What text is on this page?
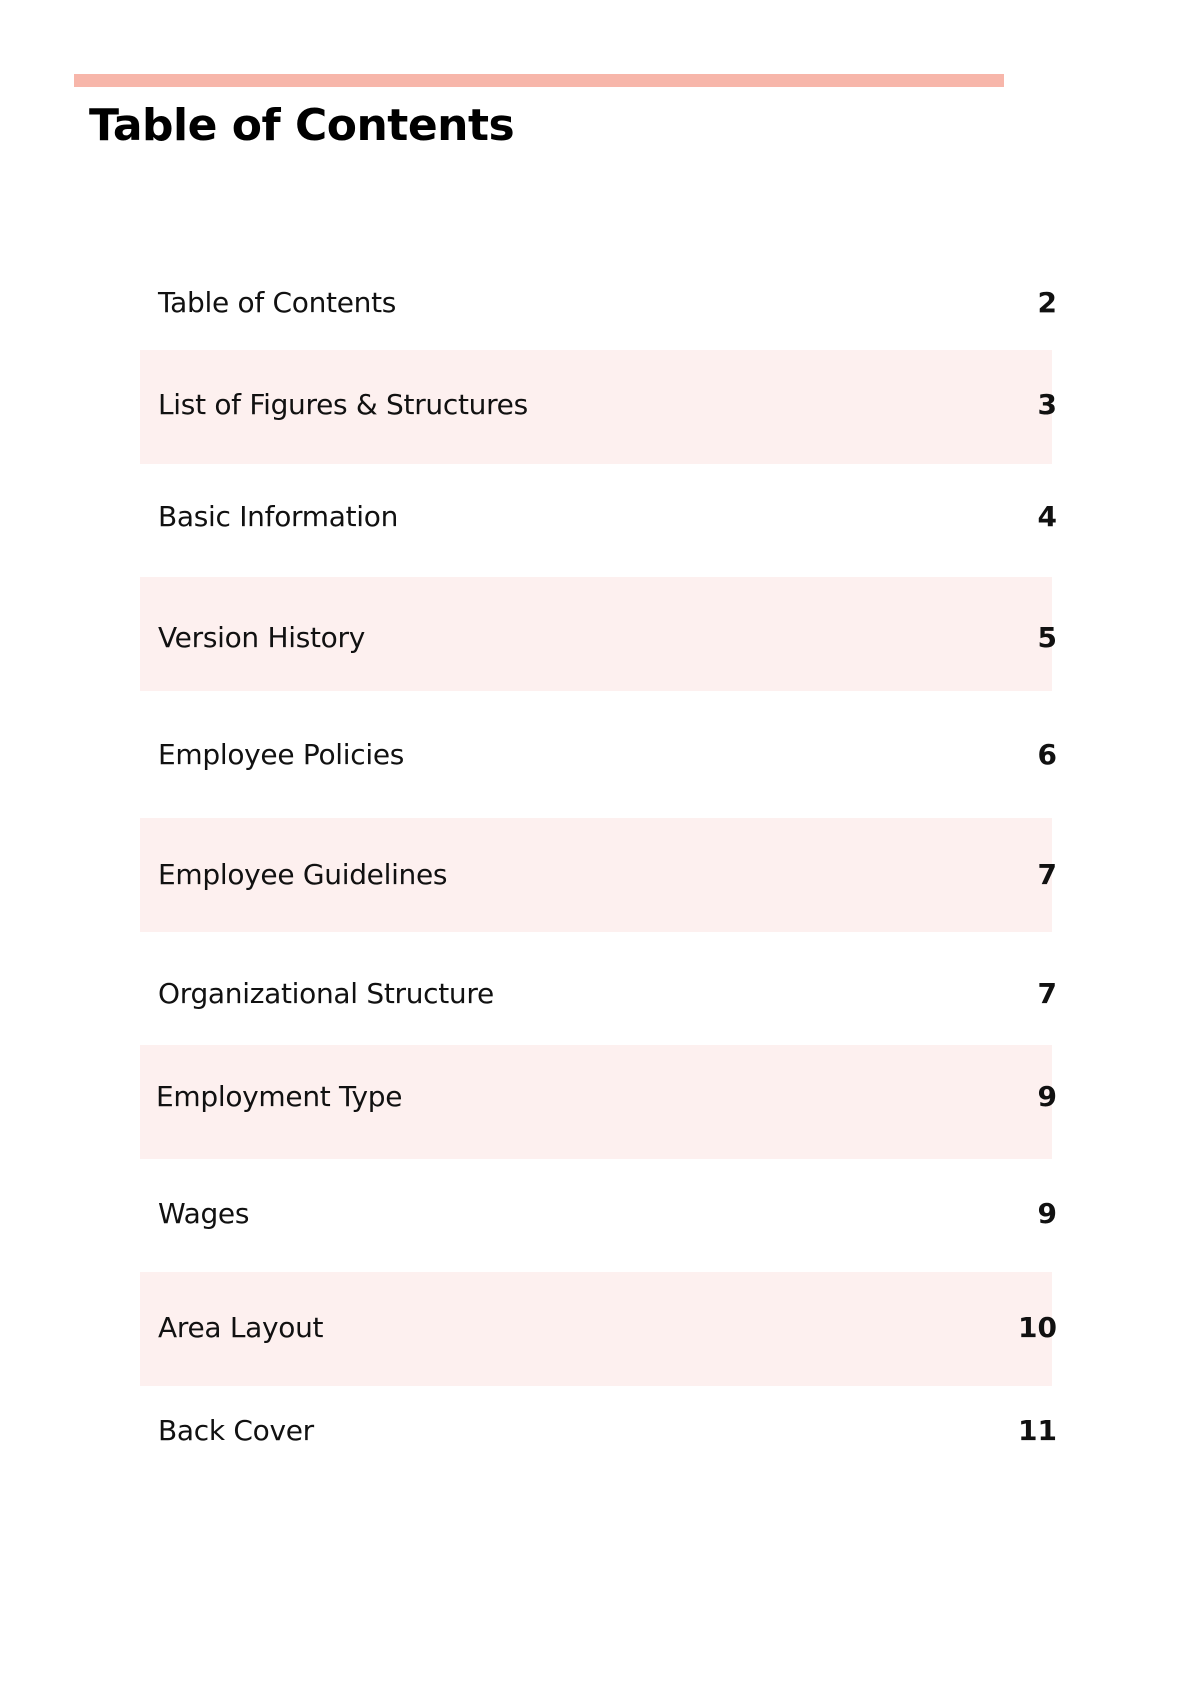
Table of Contents
Table of Contents	2
List of Figures & Structures	3
Basic Information	4
Version History	5
Employee Policies	6
Employee Guidelines	7
Organizational Structure	7
Employment Type	9
Wages	9
Area Layout	10
Back Cover	11
